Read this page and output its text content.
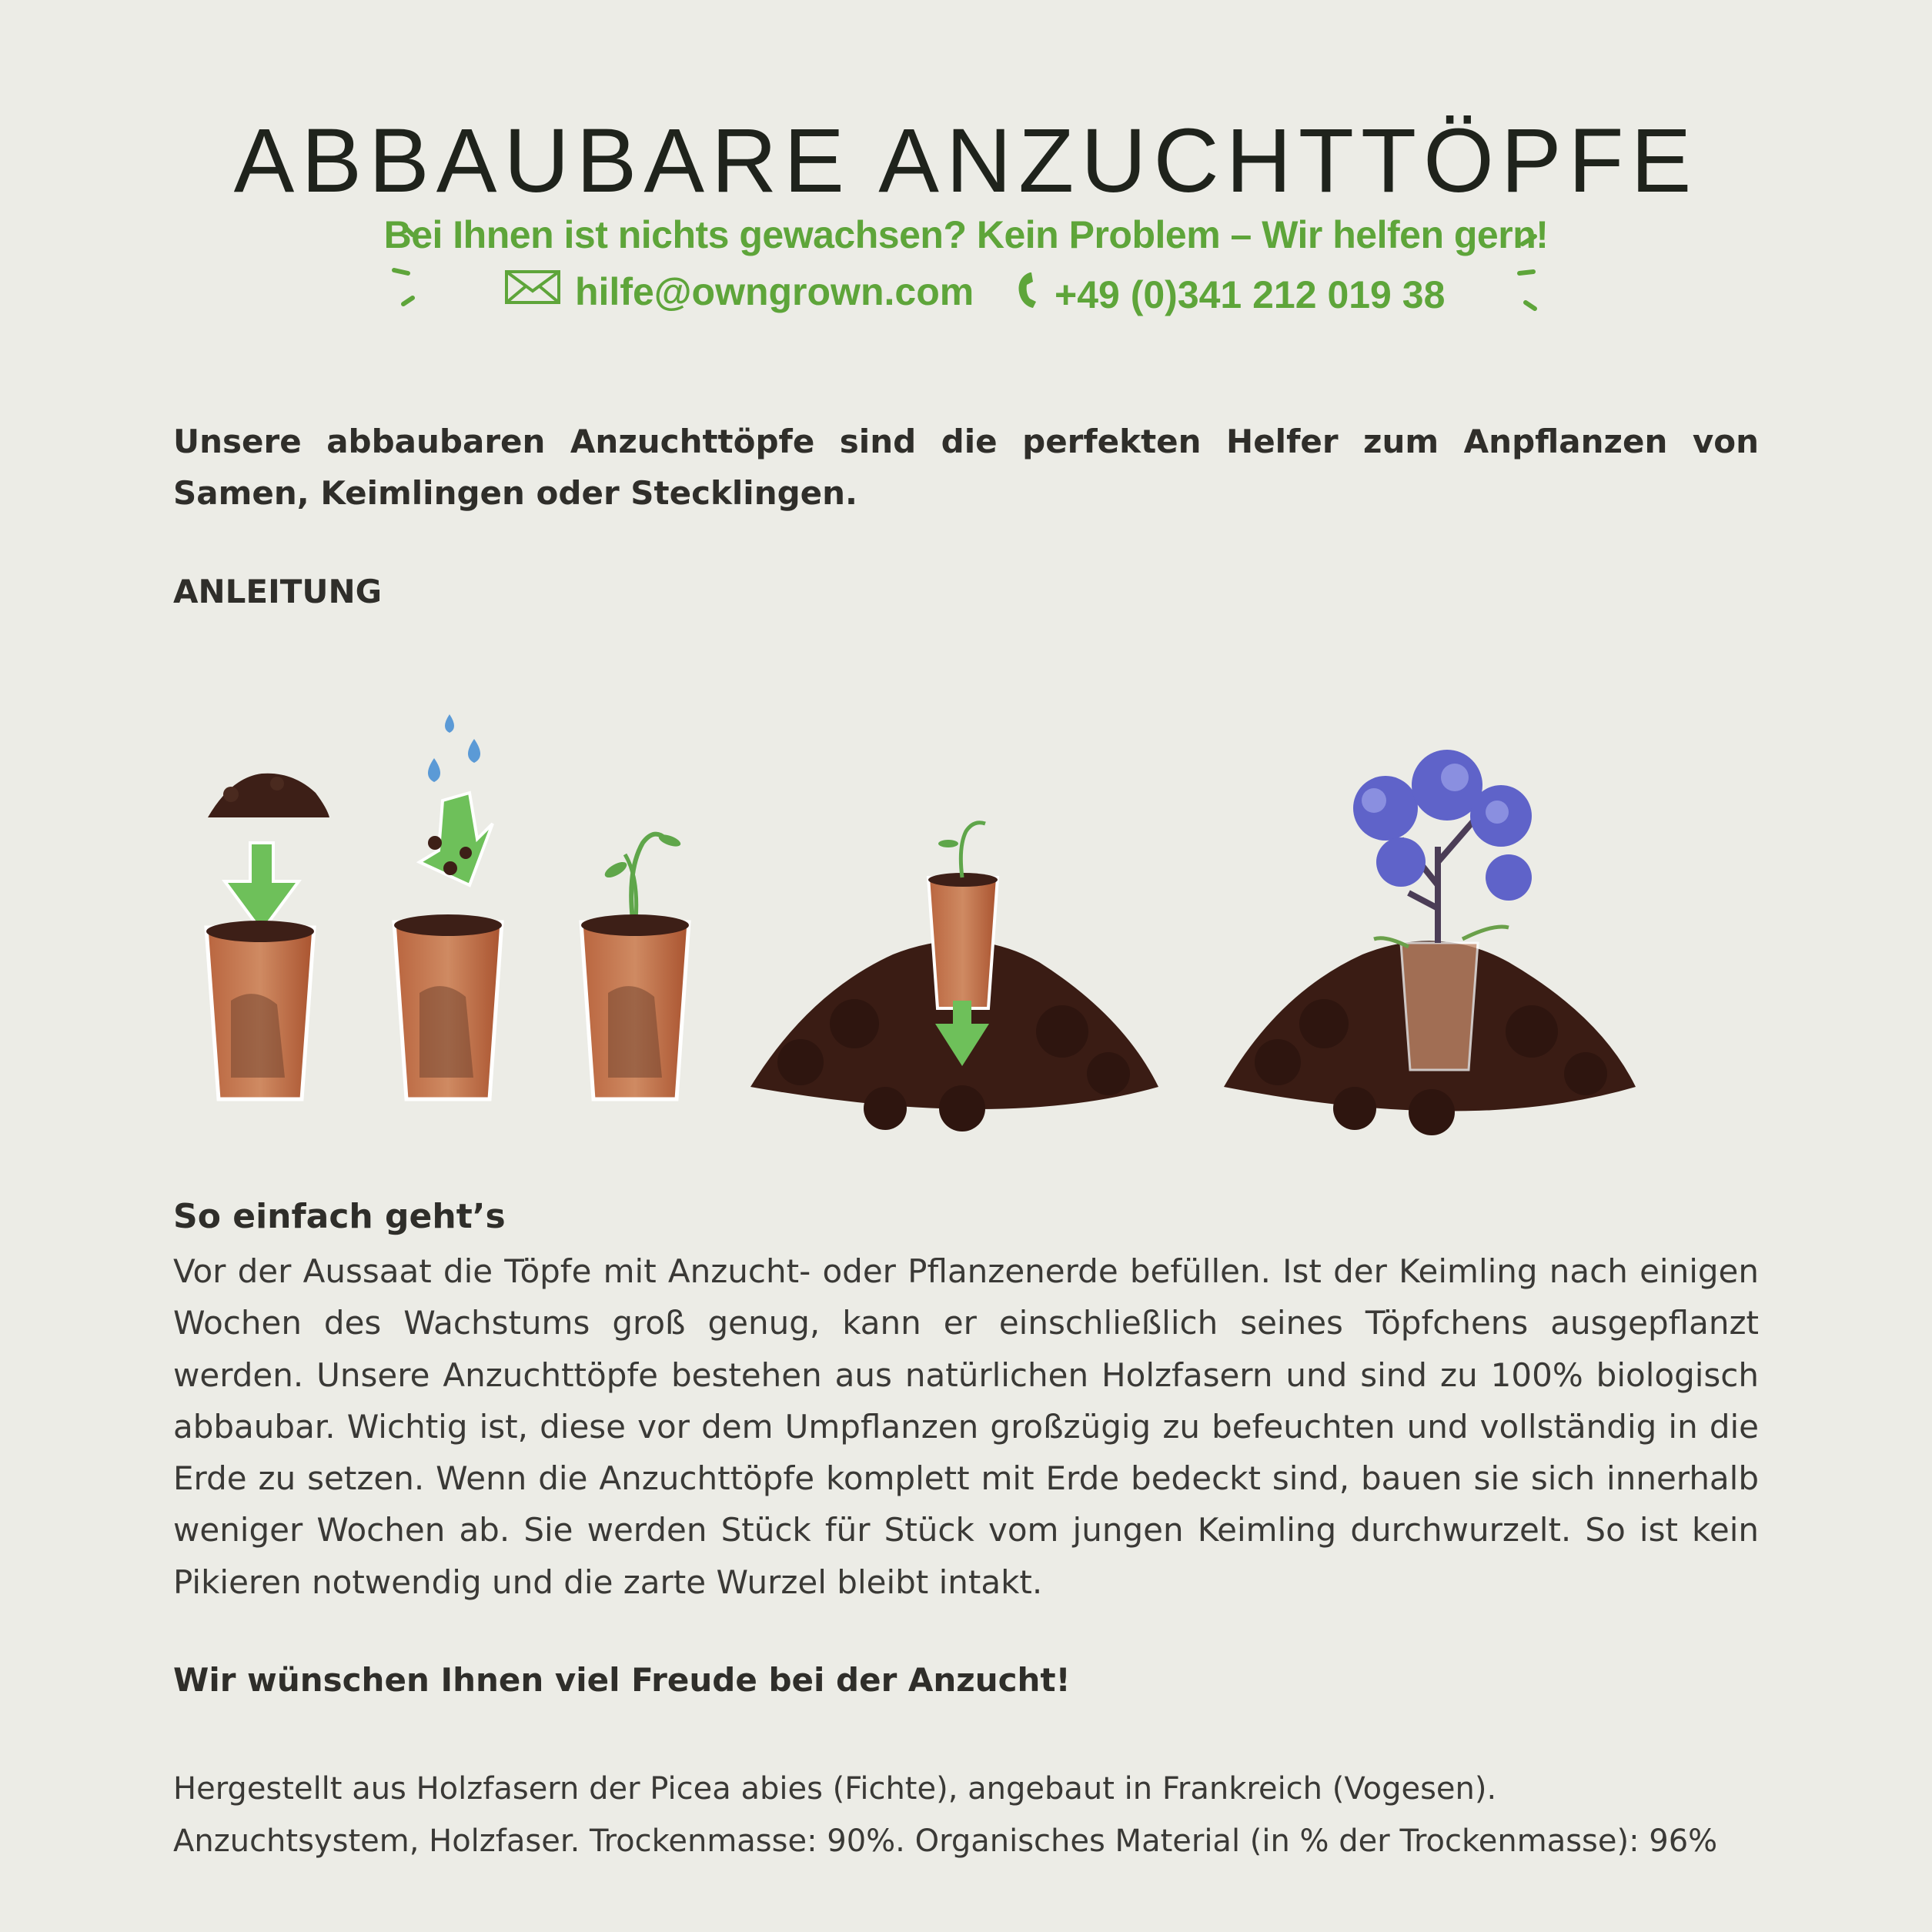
ABBAUBARE ANZUCHTTÖPFE
Bei Ihnen ist nichts gewachsen? Kein Problem – Wir helfen gern!
hilfe@owngrown.com +49 (0)341 212 019 38

Unsere abbaubaren Anzuchttöpfe sind die perfekten Helfer zum Anpflanzen von Samen, Keimlingen oder Stecklingen.

ANLEITUNG
So einfach geht’s

Vor der Aussaat die Töpfe mit Anzucht- oder Pflanzenerde befüllen. Ist der Keimling nach einigen Wochen des Wachstums groß genug, kann er einschließlich seines Töpfchens ausgepflanzt werden. Unsere Anzuchttöpfe bestehen aus natürlichen Holzfasern und sind zu 100% biologisch abbaubar. Wichtig ist, diese vor dem Umpflanzen großzügig zu befeuchten und vollständig in die Erde zu setzen. Wenn die Anzuchttöpfe komplett mit Erde bedeckt sind, bauen sie sich innerhalb weniger Wochen ab. Sie werden Stück für Stück vom jungen Keimling durchwurzelt. So ist kein Pikieren notwendig und die zarte Wurzel bleibt intakt.

Wir wünschen Ihnen viel Freude bei der Anzucht!
Hergestellt aus Holzfasern der Picea abies (Fichte), angebaut in Frankreich (Vogesen).
Anzuchtsystem, Holzfaser. Trockenmasse: 90%. Organisches Material (in % der Trockenmasse): 96%
